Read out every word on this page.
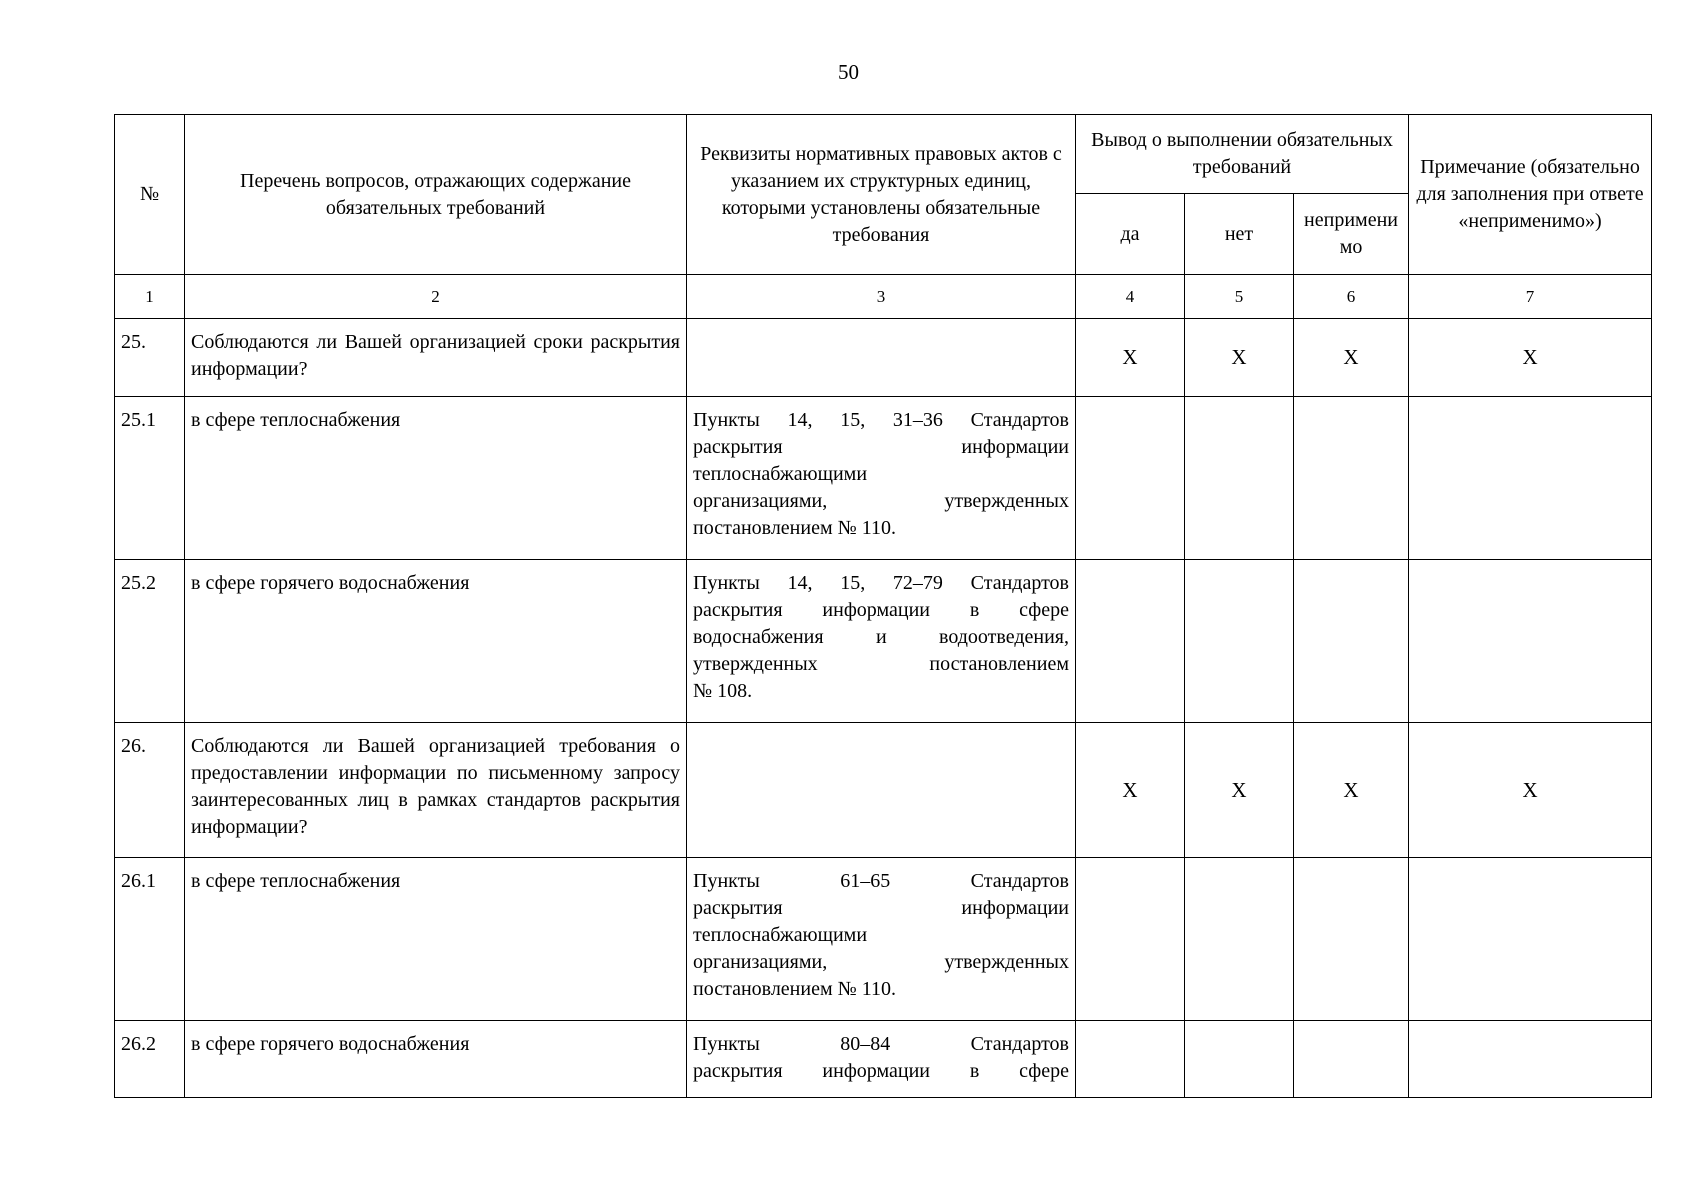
50
№	Перечень вопросов, отражающих содержание обязательных требований	Реквизиты нормативных правовых актов с указанием их структурных единиц, которыми установлены обязательные требования	Вывод о выполнении обязательных требований			Примечание (обязательно для заполнения при ответе «неприменимо»)
			да	нет	неприменимо	
1	2	3	4	5	6	7
25.	Соблюдаются ли Вашей организацией сроки раскрытия информации?		X	X	X	X
25.1	в сфере теплоснабжения	Пункты 14, 15, 31–36 Стандартов
раскрытия информации
теплоснабжающими
организациями, утвержденных
постановлением № 110.				

25.2	в сфере горячего водоснабжения	Пункты 14, 15, 72–79 Стандартов
раскрытия информации в сфере
водоснабжения и водоотведения,
утвержденных постановлением
№ 108.				

26.	Соблюдаются ли Вашей организацией требования о предоставлении информации по письменному запросу заинтересованных лиц в рамках стандартов раскрытия информации?		X	X	X	X
26.1	в сфере теплоснабжения	Пункты 61–65 Стандартов
раскрытия информации
теплоснабжающими
организациями, утвержденных
постановлением № 110.				

26.2	в сфере горячего водоснабжения	Пункты 80–84 Стандартов
раскрытия информации в сфере				
